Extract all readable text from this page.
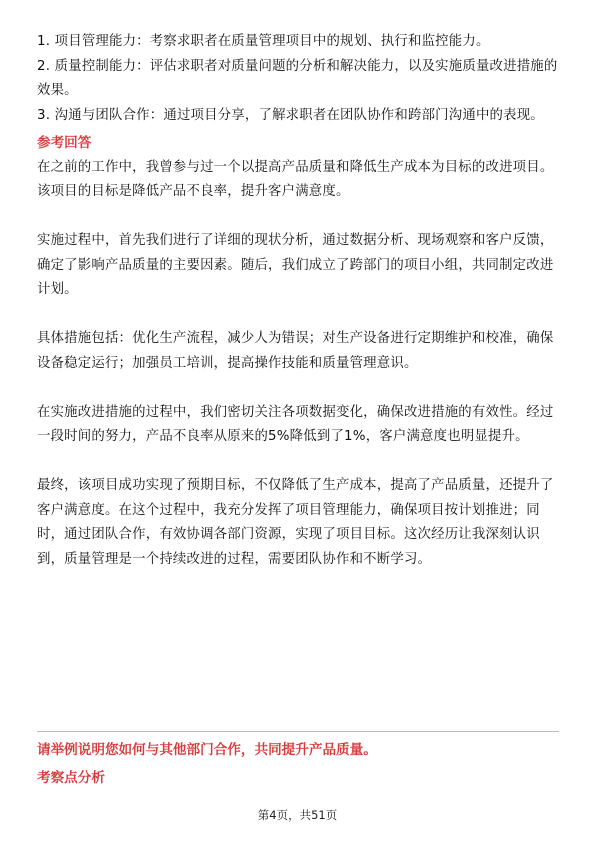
1. 项目管理能力：考察求职者在质量管理项目中的规划、执行和监控能力。

2. 质量控制能力：评估求职者对质量问题的分析和解决能力，以及实施质量改进措施的效果。

3. 沟通与团队合作：通过项目分享，了解求职者在团队协作和跨部门沟通中的表现。

参考回答

在之前的工作中，我曾参与过一个以提高产品质量和降低生产成本为目标的改进项目。该项目的目标是降低产品不良率，提升客户满意度。

实施过程中，首先我们进行了详细的现状分析，通过数据分析、现场观察和客户反馈，确定了影响产品质量的主要因素。随后，我们成立了跨部门的项目小组，共同制定改进计划。

具体措施包括：优化生产流程，减少人为错误；对生产设备进行定期维护和校准，确保设备稳定运行；加强员工培训，提高操作技能和质量管理意识。

在实施改进措施的过程中，我们密切关注各项数据变化，确保改进措施的有效性。经过一段时间的努力，产品不良率从原来的5%降低到了1%，客户满意度也明显提升。

最终，该项目成功实现了预期目标，不仅降低了生产成本，提高了产品质量，还提升了客户满意度。在这个过程中，我充分发挥了项目管理能力，确保项目按计划推进；同时，通过团队合作，有效协调各部门资源，实现了项目目标。这次经历让我深刻认识到，质量管理是一个持续改进的过程，需要团队协作和不断学习。

请举例说明您如何与其他部门合作，共同提升产品质量。

考察点分析

第4页，共51页
